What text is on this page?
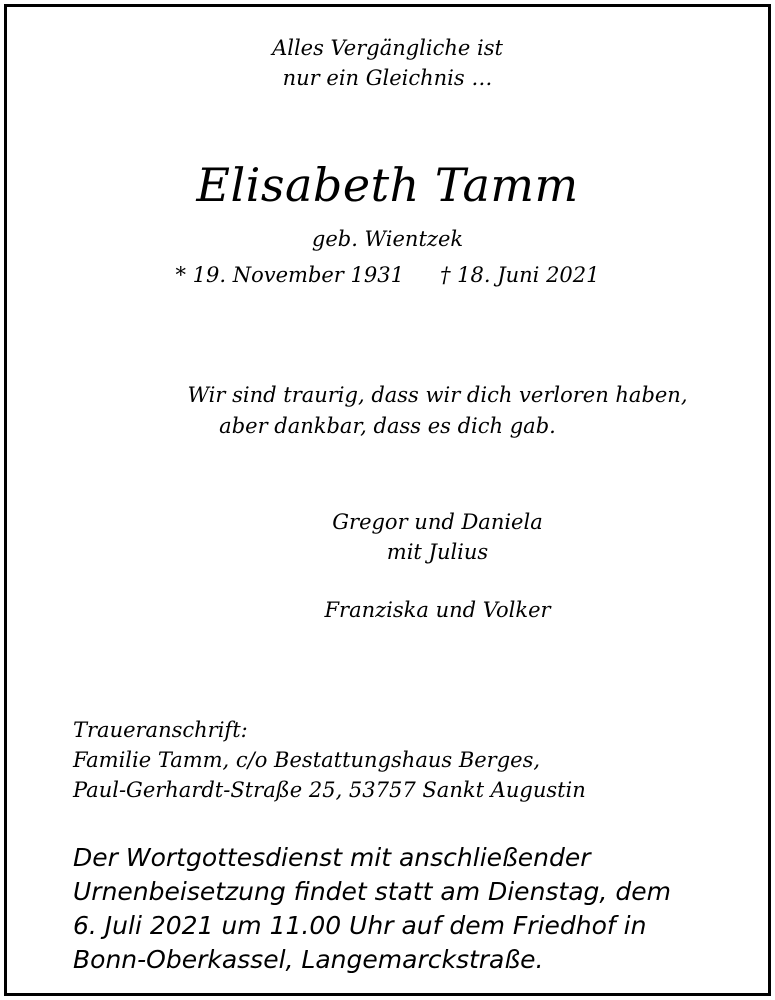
Alles Vergängliche ist
nur ein Gleichnis …
Elisabeth Tamm
geb. Wientzek
* 19. November 1931 † 18. Juni 2021
Wir sind traurig, dass wir dich verloren haben,
aber dankbar, dass es dich gab.
Gregor und Daniela
mit Julius
Franziska und Volker
Traueranschrift:
Familie Tamm, c/o Bestattungshaus Berges,
Paul-Gerhardt-Straße 25, 53757 Sankt Augustin
Der Wortgottesdienst mit anschließender
Urnenbeisetzung findet statt am Dienstag, dem
6. Juli 2021 um 11.00 Uhr auf dem Friedhof in
Bonn-Oberkassel, Langemarckstraße.
